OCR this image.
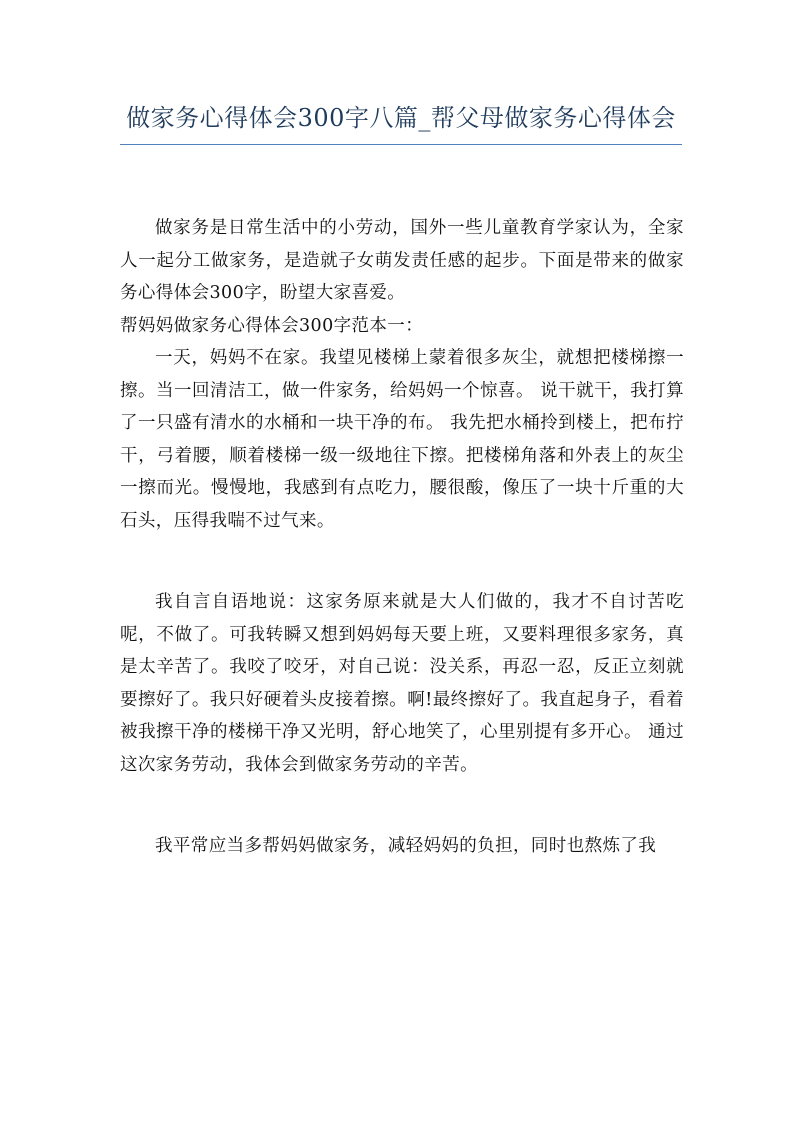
做家务心得体会300字八篇_帮父母做家务心得体会

做家务是日常生活中的小劳动，国外一些儿童教育学家认为，全家人一起分工做家务，是造就子女萌发责任感的起步。下面是带来的做家务心得体会300字，盼望大家喜爱。

帮妈妈做家务心得体会300字范本一：

一天，妈妈不在家。我望见楼梯上蒙着很多灰尘，就想把楼梯擦一擦。当一回清洁工，做一件家务，给妈妈一个惊喜。 说干就干，我打算了一只盛有清水的水桶和一块干净的布。 我先把水桶拎到楼上，把布拧干，弓着腰，顺着楼梯一级一级地往下擦。把楼梯角落和外表上的灰尘一擦而光。慢慢地，我感到有点吃力，腰很酸，像压了一块十斤重的大石头，压得我喘不过气来。

我自言自语地说：这家务原来就是大人们做的，我才不自讨苦吃呢，不做了。可我转瞬又想到妈妈每天要上班，又要料理很多家务，真是太辛苦了。我咬了咬牙，对自己说：没关系，再忍一忍，反正立刻就要擦好了。我只好硬着头皮接着擦。啊!最终擦好了。我直起身子，看着被我擦干净的楼梯干净又光明，舒心地笑了，心里别提有多开心。 通过这次家务劳动，我体会到做家务劳动的辛苦。

我平常应当多帮妈妈做家务，减轻妈妈的负担，同时也熬炼了我
